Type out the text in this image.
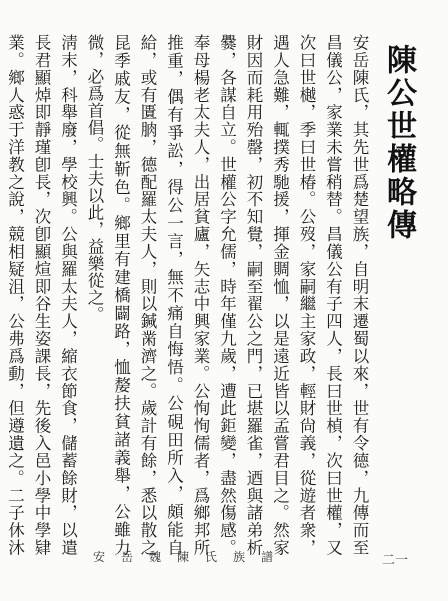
陳公世權略傳
安岳陳氏，其先世爲楚望族，自明末遷蜀以來，世有令德，九傳而至昌儀公，家業未嘗稍替。昌儀公有子四人，長曰世楨，次曰世權，又次曰世樾，季曰世椿。公歿，家嗣繼主家政，輕財尙義，從遊者衆，遇人急難，輒撲秀馳援，揮金賙恤，以是遠近皆以孟嘗君目之。然家財因而耗用殆罄，初不知覺，嗣至翟公之門，已堪羅雀，迺與諸弟析爨，各謀自立。世權公字允儒，時年僅九歲，遭此鉅變，盡然傷感。奉母楊老太夫人，出居貧廬，矢志中興家業。公恂恂儒者，爲鄉邦所推重，偶有爭訟，得公一言，無不痛自悔悟。公硯田所入，頗能自給，或有匱朒，德配羅太夫人，則以鍼黹濟之。歲計有餘，悉以散之昆季戚友，從無靳色。鄉里有建橋闢路，恤嫠扶貧諸義舉，公雖力微，必爲首倡。士夫以此，益樂從之。
淸末，科舉廢，學校興。公與羅太夫人，縮衣節食，儲蓄餘財，以遣長君顯焯即靜瑾卽長，次卽顯煊即谷生姿課長，先後入邑小學中學肄業。鄉人惑于洋教之說，競相疑沮，公弗爲動，但遵遺之。二子休沐
安岳魏陳氏族譜	二一
